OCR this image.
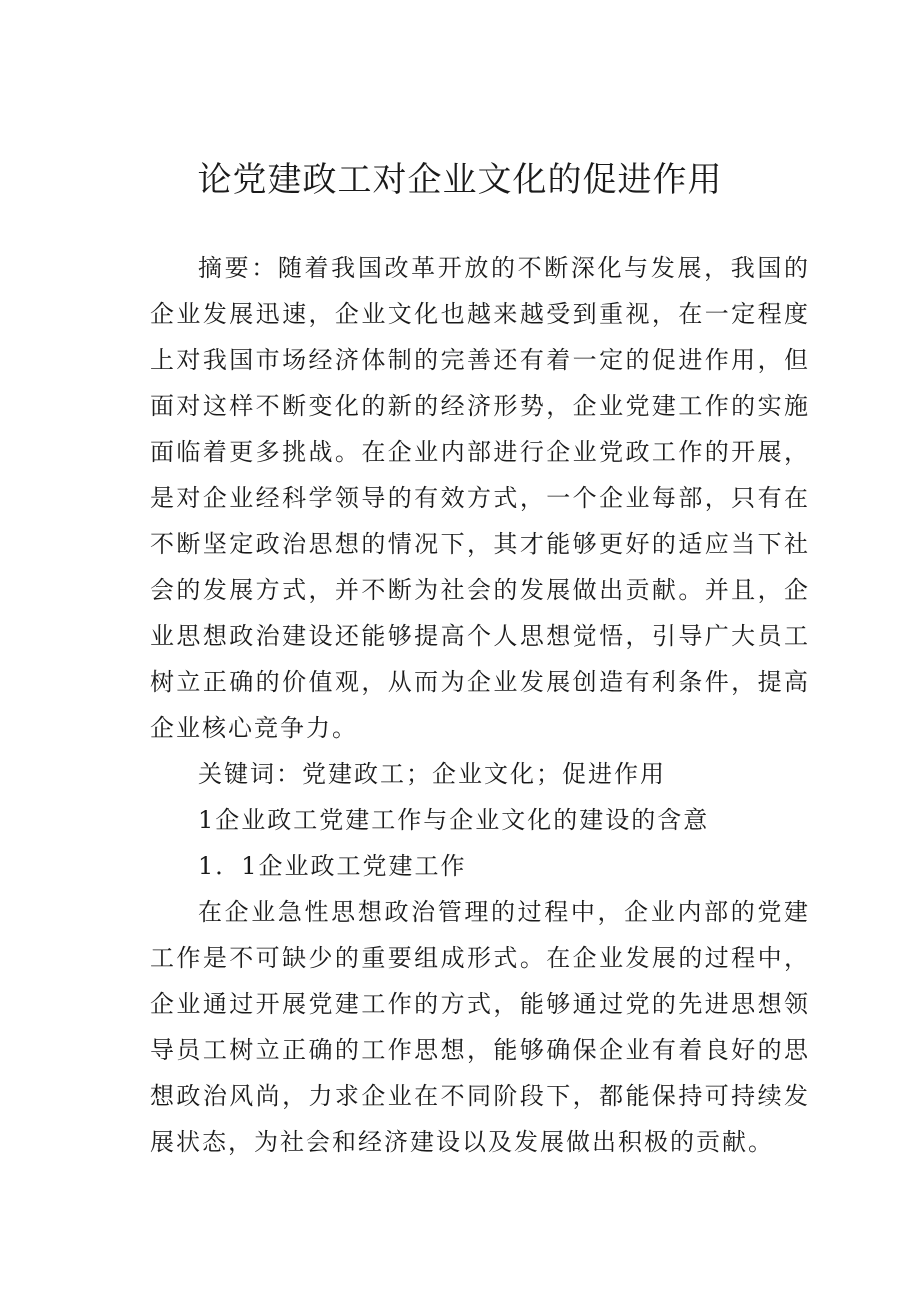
论党建政工对企业文化的促进作用

摘要：随着我国改革开放的不断深化与发展，我国的企业发展迅速，企业文化也越来越受到重视，在一定程度上对我国市场经济体制的完善还有着一定的促进作用，但面对这样不断变化的新的经济形势，企业党建工作的实施面临着更多挑战。在企业内部进行企业党政工作的开展，是对企业经科学领导的有效方式，一个企业每部，只有在不断坚定政治思想的情况下，其才能够更好的适应当下社会的发展方式，并不断为社会的发展做出贡献。并且，企业思想政治建设还能够提高个人思想觉悟，引导广大员工树立正确的价值观，从而为企业发展创造有利条件，提高企业核心竞争力。

关键词：党建政工；企业文化；促进作用

1企业政工党建工作与企业文化的建设的含意

1．1企业政工党建工作

在企业急性思想政治管理的过程中，企业内部的党建工作是不可缺少的重要组成形式。在企业发展的过程中，企业通过开展党建工作的方式，能够通过党的先进思想领导员工树立正确的工作思想，能够确保企业有着良好的思想政治风尚，力求企业在不同阶段下，都能保持可持续发展状态，为社会和经济建设以及发展做出积极的贡献。
